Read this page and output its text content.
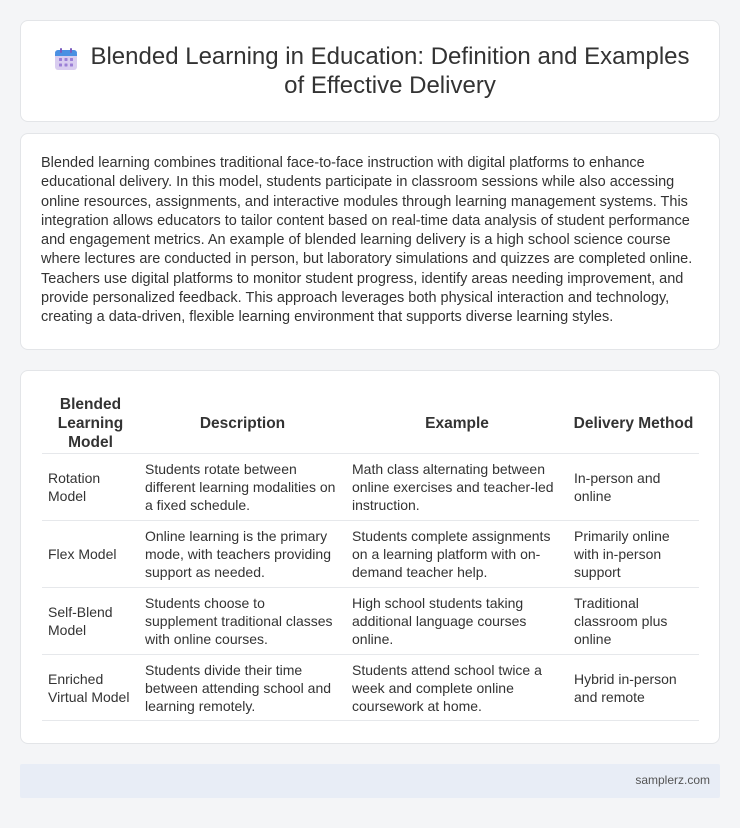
Blended Learning in Education: Definition and Examples of Effective Delivery

Blended learning combines traditional face-to-face instruction with digital platforms to enhance educational delivery. In this model, students participate in classroom sessions while also accessing online resources, assignments, and interactive modules through learning management systems. This integration allows educators to tailor content based on real-time data analysis of student performance and engagement metrics. An example of blended learning delivery is a high school science course where lectures are conducted in person, but laboratory simulations and quizzes are completed online. Teachers use digital platforms to monitor student progress, identify areas needing improvement, and provide personalized feedback. This approach leverages both physical interaction and technology, creating a data-driven, flexible learning environment that supports diverse learning styles.

Blended Learning Model	Description	Example	Delivery Method
Rotation Model	Students rotate between different learning modalities on a fixed schedule.	Math class alternating between online exercises and teacher-led instruction.	In-person and online
Flex Model	Online learning is the primary mode, with teachers providing support as needed.	Students complete assignments on a learning platform with on-demand teacher help.	Primarily online with in-person support
Self-Blend Model	Students choose to supplement traditional classes with online courses.	High school students taking additional language courses online.	Traditional classroom plus online
Enriched Virtual Model	Students divide their time between attending school and learning remotely.	Students attend school twice a week and complete online coursework at home.	Hybrid in-person and remote
samplerz.com
